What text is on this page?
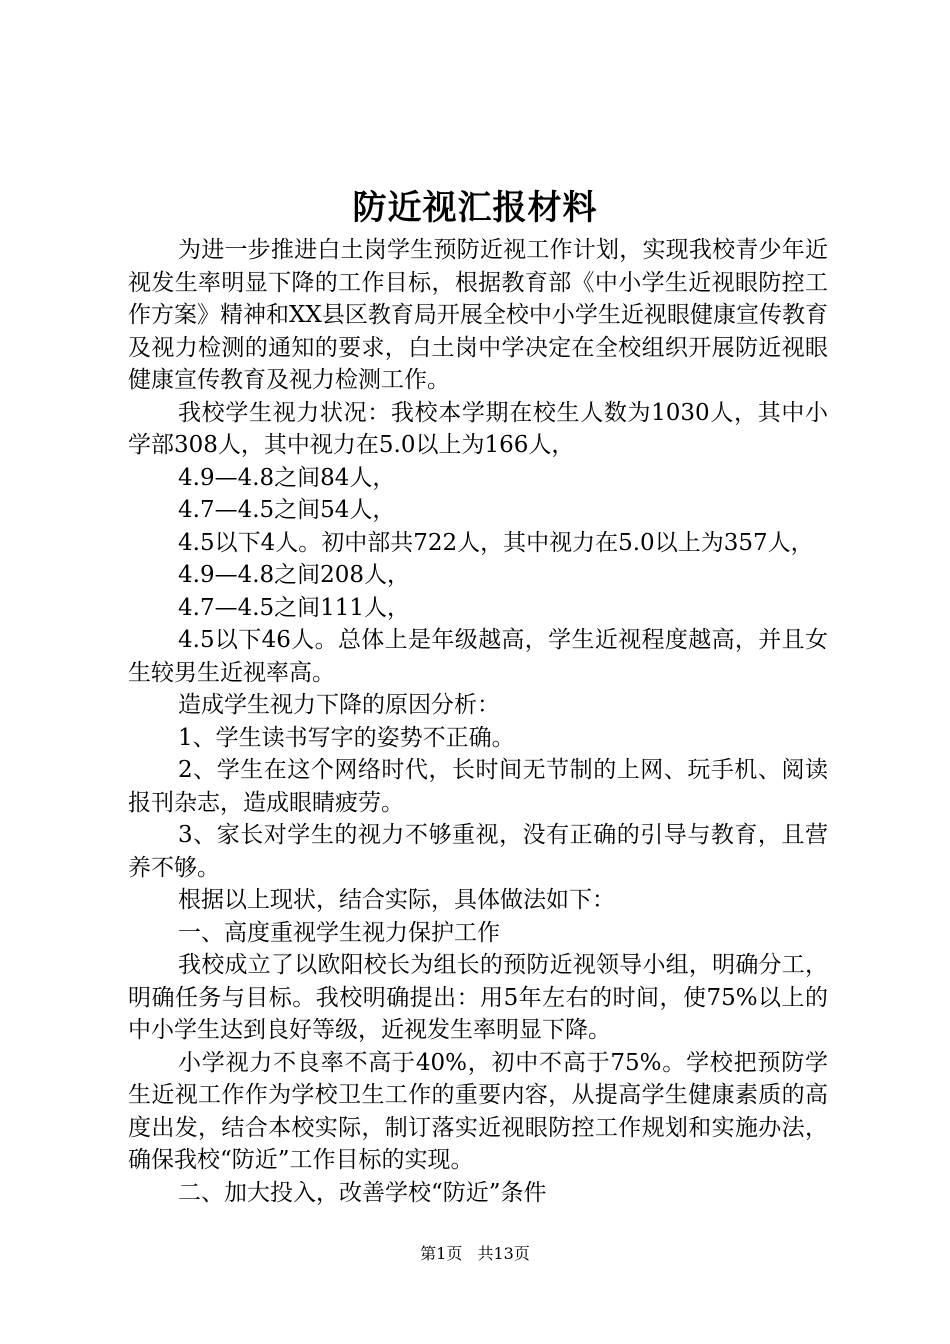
防近视汇报材料

为进一步推进白土岗学生预防近视工作计划，实现我校青少年近视发生率明显下降的工作目标，根据教育部《中小学生近视眼防控工作方案》精神和XX县区教育局开展全校中小学生近视眼健康宣传教育及视力检测的通知的要求，白土岗中学决定在全校组织开展防近视眼健康宣传教育及视力检测工作。

我校学生视力状况：我校本学期在校生人数为1030人，其中小学部308人，其中视力在5.0以上为166人，

4.9—4.8之间84人，

4.7—4.5之间54人，

4.5以下4人。初中部共722人，其中视力在5.0以上为357人，

4.9—4.8之间208人，

4.7—4.5之间111人，

4.5以下46人。总体上是年级越高，学生近视程度越高，并且女生较男生近视率高。

造成学生视力下降的原因分析：

1、学生读书写字的姿势不正确。

2、学生在这个网络时代，长时间无节制的上网、玩手机、阅读报刊杂志，造成眼睛疲劳。

3、家长对学生的视力不够重视，没有正确的引导与教育，且营养不够。

根据以上现状，结合实际，具体做法如下：

一、高度重视学生视力保护工作

我校成立了以欧阳校长为组长的预防近视领导小组，明确分工，明确任务与目标。我校明确提出：用5年左右的时间，使75%以上的中小学生达到良好等级，近视发生率明显下降。

小学视力不良率不高于40%，初中不高于75%。学校把预防学生近视工作作为学校卫生工作的重要内容，从提高学生健康素质的高度出发，结合本校实际，制订落实近视眼防控工作规划和实施办法，确保我校“防近”工作目标的实现。

二、加大投入，改善学校“防近”条件

第1页 共13页
